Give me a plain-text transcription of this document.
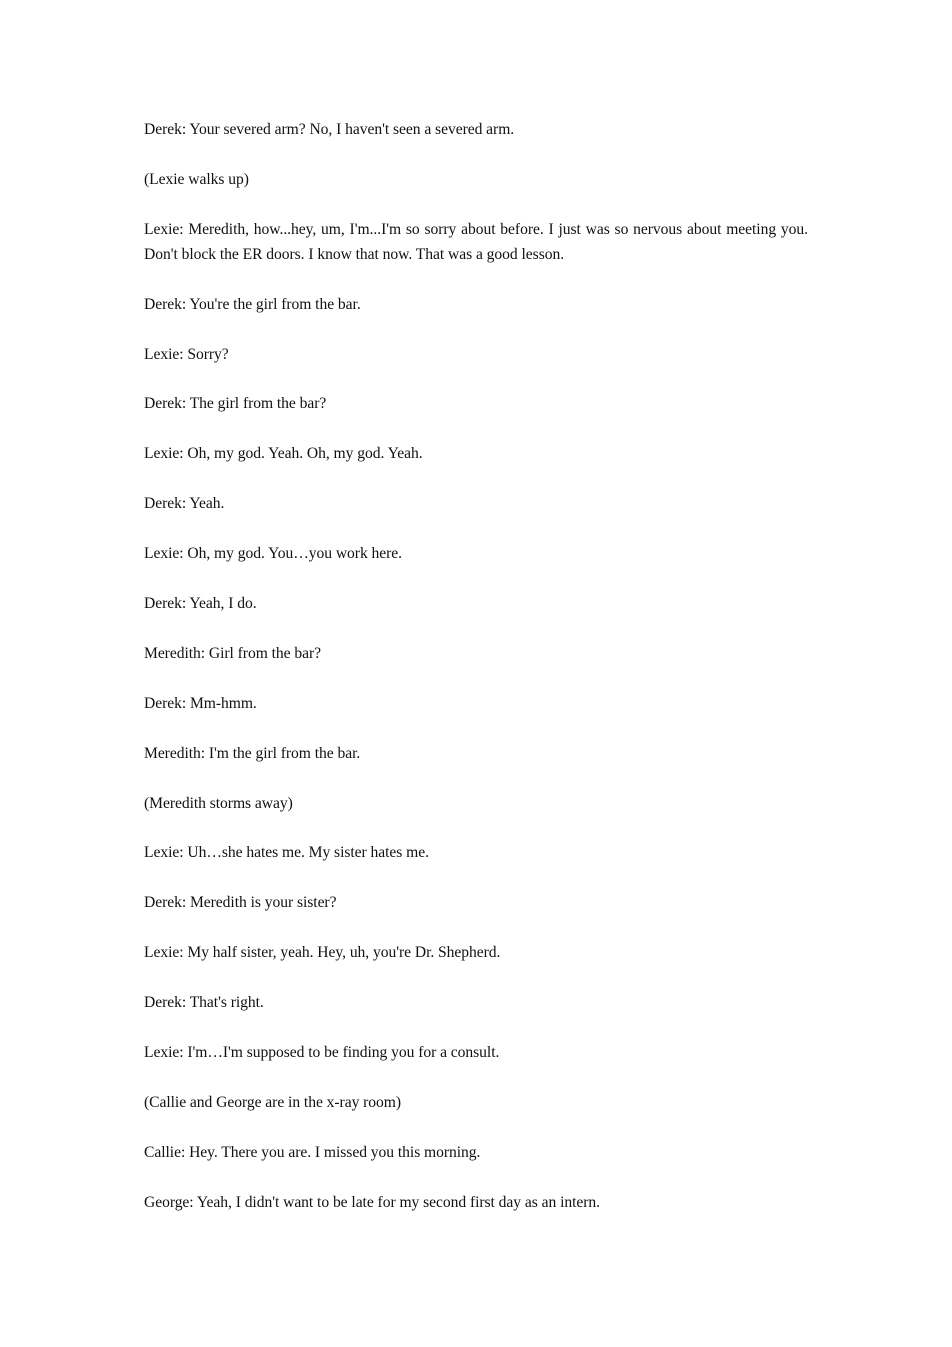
Derek: Your severed arm? No, I haven't seen a severed arm.

(Lexie walks up)

Lexie: Meredith, how...hey, um, I'm...I'm so sorry about before. I just was so nervous about meeting you. Don't block the ER doors. I know that now. That was a good lesson.

Derek: You're the girl from the bar.

Lexie: Sorry?

Derek: The girl from the bar?

Lexie: Oh, my god. Yeah. Oh, my god. Yeah.

Derek: Yeah.

Lexie: Oh, my god. You…you work here.

Derek: Yeah, I do.

Meredith: Girl from the bar?

Derek: Mm-hmm.

Meredith: I'm the girl from the bar.

(Meredith storms away)

Lexie: Uh…she hates me. My sister hates me.

Derek: Meredith is your sister?

Lexie: My half sister, yeah. Hey, uh, you're Dr. Shepherd.

Derek: That's right.

Lexie: I'm…I'm supposed to be finding you for a consult.

(Callie and George are in the x-ray room)

Callie: Hey. There you are. I missed you this morning.

George: Yeah, I didn't want to be late for my second first day as an intern.
